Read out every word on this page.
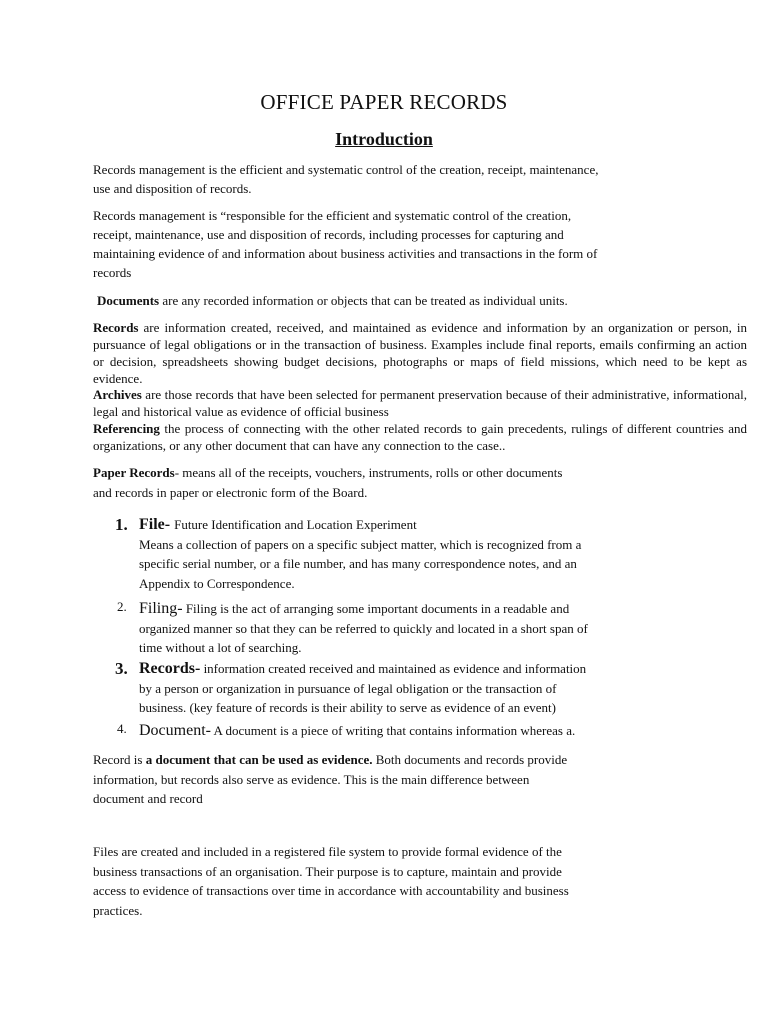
OFFICE PAPER RECORDS
Introduction
Records management is the efficient and systematic control of the creation, receipt, maintenance,
use and disposition of records.
Records management is “responsible for the efficient and systematic control of the creation,
receipt, maintenance, use and disposition of records, including processes for capturing and
maintaining evidence of and information about business activities and transactions in the form of
records
Documents are any recorded information or objects that can be treated as individual units.
Records are information created, received, and maintained as evidence and information by an organization or person, in pursuance of legal obligations or in the transaction of business. Examples include final reports, emails confirming an action or decision, spreadsheets showing budget decisions, photographs or maps of field missions, which need to be kept as evidence.
Archives are those records that have been selected for permanent preservation because of their administrative, informational, legal and historical value as evidence of official business
Referencing the process of connecting with the other related records to gain precedents, rulings of different countries and organizations, or any other document that can have any connection to the case..
Paper Records- means all of the receipts, vouchers, instruments, rolls or other documents
and records in paper or electronic form of the Board.
1. File- Future Identification and Location Experiment
Means a collection of papers on a specific subject matter, which is recognized from a
specific serial number, or a file number, and has many correspondence notes, and an
Appendix to Correspondence.
2. Filing- Filing is the act of arranging some important documents in a readable and
organized manner so that they can be referred to quickly and located in a short span of
time without a lot of searching.
3. Records- information created received and maintained as evidence and information
by a person or organization in pursuance of legal obligation or the transaction of
business. (key feature of records is their ability to serve as evidence of an event)
4. Document- A document is a piece of writing that contains information whereas a.
Record is a document that can be used as evidence. Both documents and records provide
information, but records also serve as evidence. This is the main difference between
document and record
Files are created and included in a registered file system to provide formal evidence of the
business transactions of an organisation. Their purpose is to capture, maintain and provide
access to evidence of transactions over time in accordance with accountability and business
practices.
